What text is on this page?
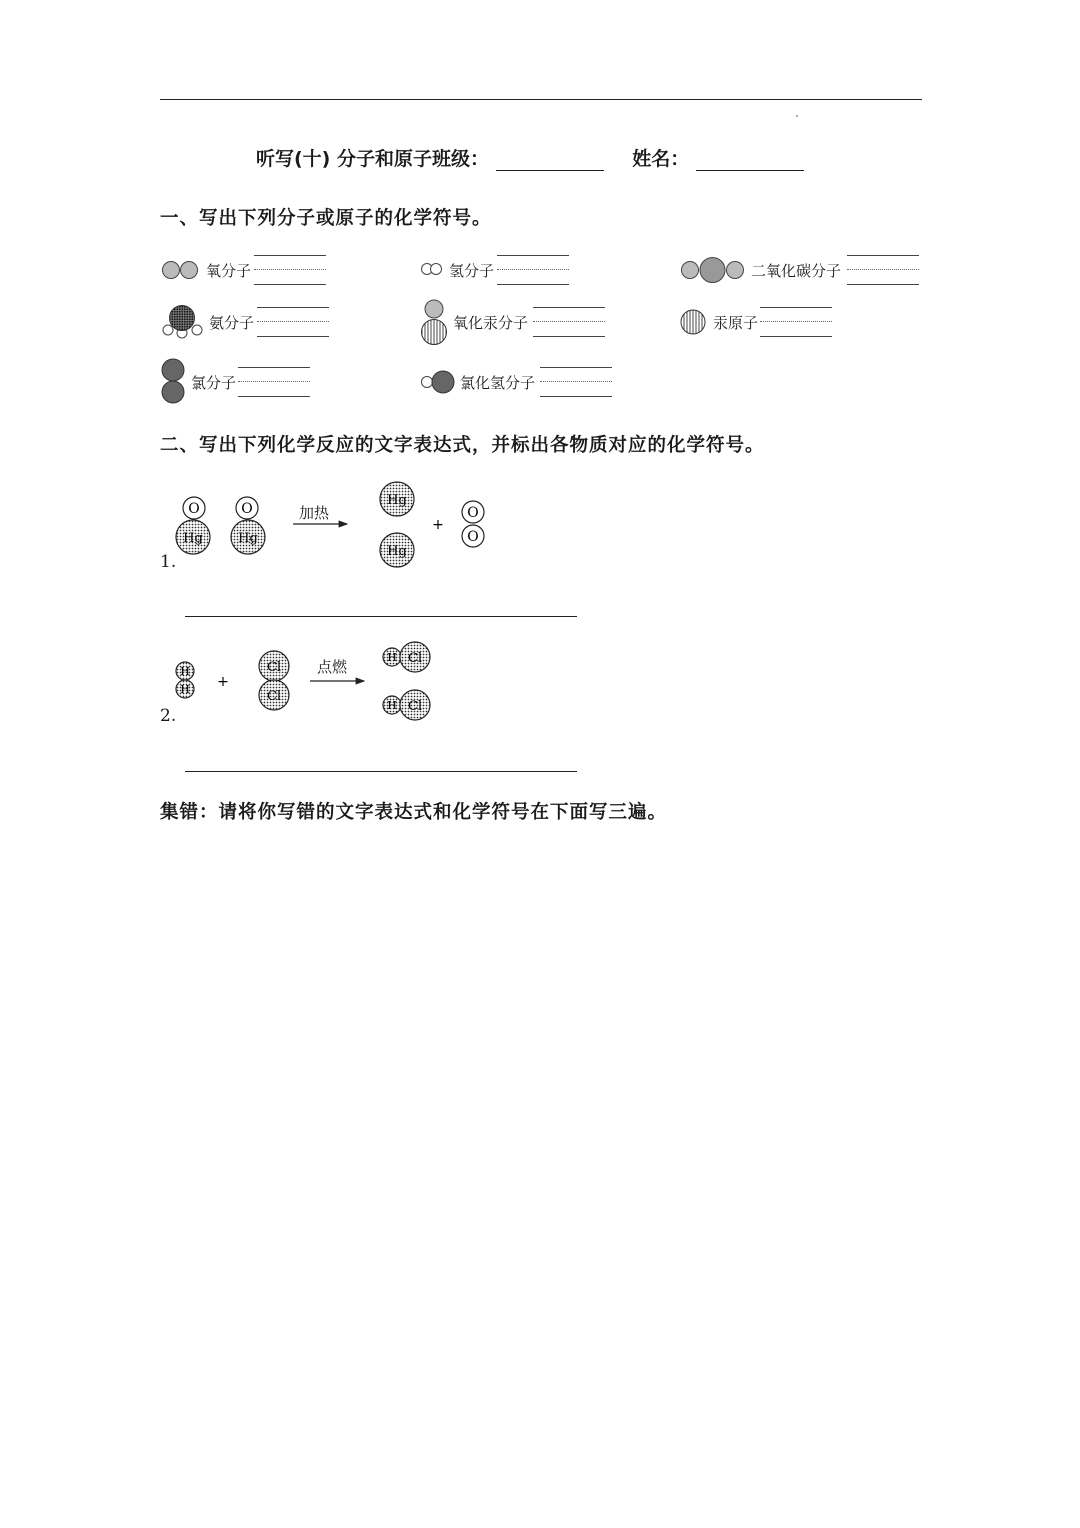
听写(十) 分子和原子班级：	姓名：
一、写出下列分子或原子的化学符号。
氧分子	氢分子	二氧化碳分子
氨分子	氧化汞分子	汞原子
氯分子	氯化氢分子
二、写出下列化学反应的文字表达式，并标出各物质对应的化学符号。
O
Hg
O
Hg
Hg
Hg
+
O
O
加热
1.
H
H +
Cl
Cl
H Cl
H Cl
点燃
2.
集错：请将你写错的文字表达式和化学符号在下面写三遍。
